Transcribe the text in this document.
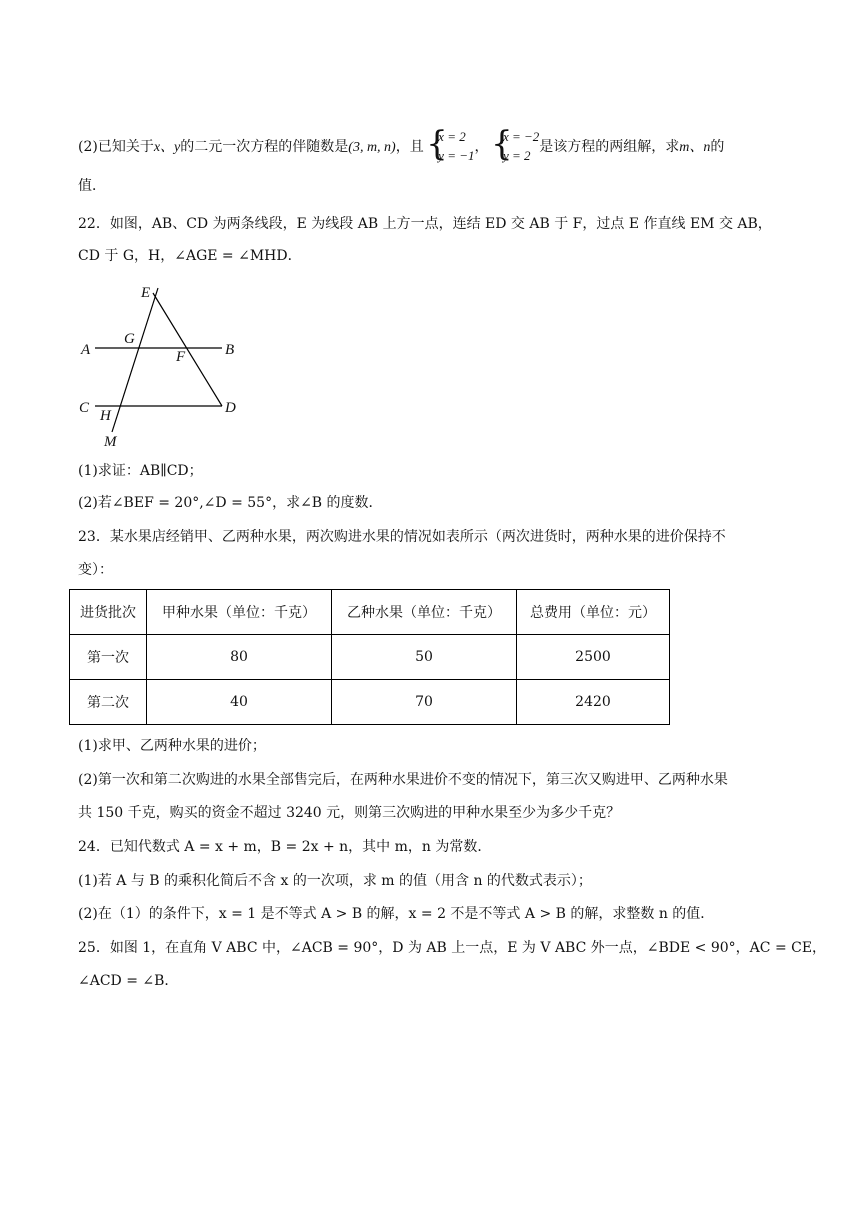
(2)已知关于x、y的二元一次方程的伴随数是(3, m, n)，且 { x = 2
y = −1， { x = −2
y = 2是该方程的两组解，求m、n的
值．
22．如图，AB、CD 为两条线段，E 为线段 AB 上方一点，连结 ED 交 AB 于 F，过点 E 作直线 EM 交 AB，
CD 于 G，H，∠AGE = ∠MHD．
E
G
A	F	B
C H	D
M
(1)求证：AB∥CD；
(2)若∠BEF = 20°,∠D = 55°，求∠B 的度数．
23．某水果店经销甲、乙两种水果，两次购进水果的情况如表所示（两次进货时，两种水果的进价保持不
变）：
进货批次	甲种水果（单位：千克）	乙种水果（单位：千克）	总费用（单位：元）
第一次	80	50	2500
第二次	40	70	2420
(1)求甲、乙两种水果的进价；
(2)第一次和第二次购进的水果全部售完后，在两种水果进价不变的情况下，第三次又购进甲、乙两种水果
共 150 千克，购买的资金不超过 3240 元，则第三次购进的甲种水果至少为多少千克？
24．已知代数式 A = x + m，B = 2x + n，其中 m，n 为常数．
(1)若 A 与 B 的乘积化简后不含 x 的一次项，求 m 的值（用含 n 的代数式表示）；
(2)在（1）的条件下，x = 1 是不等式 A > B 的解，x = 2 不是不等式 A > B 的解，求整数 n 的值．
25．如图 1，在直角 V ABC 中，∠ACB = 90°，D 为 AB 上一点，E 为 V ABC 外一点，∠BDE < 90°，AC = CE，
∠ACD = ∠B．
